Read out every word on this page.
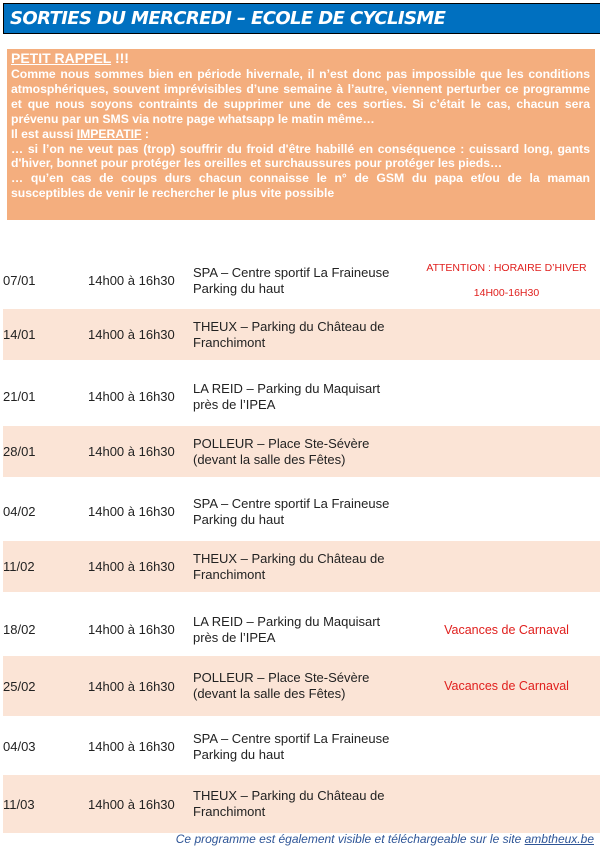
SORTIES DU MERCREDI – ECOLE DE CYCLISME

PETIT RAPPEL !!!

Comme nous sommes bien en période hivernale, il n’est donc pas impossible que les conditions atmosphériques, souvent imprévisibles d’une semaine à l’autre, viennent perturber ce programme et que nous soyons contraints de supprimer une de ces sorties. Si c’était le cas, chacun sera prévenu par un SMS via notre page whatsapp le matin même…

Il est aussi IMPERATIF :

… si l’on ne veut pas (trop) souffrir du froid d'être habillé en conséquence : cuissard long, gants d'hiver, bonnet pour protéger les oreilles et surchaussures pour protéger les pieds…

… qu’en cas de coups durs chacun connaisse le n° de GSM du papa et/ou de la maman susceptibles de venir le rechercher le plus vite possible

07/01	14h00 à 16h30
SPA – Centre sportif La Fraineuse
Parking du haut
ATTENTION : HORAIRE D’HIVER
14H00-16H30
14/01	14h00 à 16h30
THEUX – Parking du Château de
Franchimont
21/01	14h00 à 16h30
LA REID – Parking du Maquisart
près de l’IPEA
28/01	14h00 à 16h30
POLLEUR – Place Ste-Sévère
(devant la salle des Fêtes)
04/02	14h00 à 16h30
SPA – Centre sportif La Fraineuse
Parking du haut
11/02	14h00 à 16h30
THEUX – Parking du Château de
Franchimont
18/02	14h00 à 16h30
LA REID – Parking du Maquisart
près de l’IPEA	Vacances de Carnaval
25/02	14h00 à 16h30
POLLEUR – Place Ste-Sévère
(devant la salle des Fêtes)	Vacances de Carnaval
04/03	14h00 à 16h30
SPA – Centre sportif La Fraineuse
Parking du haut
11/03	14h00 à 16h30
THEUX – Parking du Château de
Franchimont
Ce programme est également visible et téléchargeable sur le site ambtheux.be
